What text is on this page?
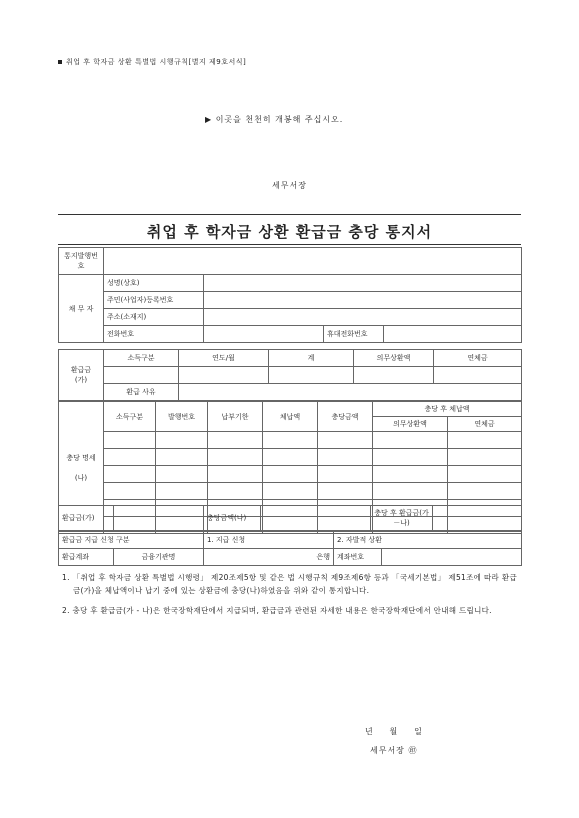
취업 후 학자금 상환 특별법 시행규칙[별지 제9호서식]
▶ 이곳을 천천히 개봉해 주십시오.
세무서장
취업 후 학자금 상환 환급금 충당 통지서
통지발행번호				
채 무 자	성명(상호)			
	주민(사업자)등록번호			
	주소(소재지)			
	전화번호		휴대전화번호	
환급금
(가)	소득구분	연도/월	계	의무상환액	연체금

	환급 사유				
충당 명세

(나)	소득구분	발행번호	납부기한	체납액	충당금액	충당 후 체납액	
						의무상환액	연체금

환급금(가)		충당금액(나)		충당 후 환급금(가－나)	
환급금 지급 신청 구분		1. 지급 신청	2. 자발적 상환	
환급계좌	금융기관명	은행	계좌번호	

1. 「취업 후 학자금 상환 특별법 시행령」 제20조제5항 및 같은 법 시행규칙 제9조제6항 등과 「국세기본법」 제51조에 따라 환급금(가)을 체납액이나 납기 중에 있는 상환금에 충당(나)하였음을 위와 같이 통지합니다.

2. 충당 후 환급금(가 - 나)은 한국장학재단에서 지급되며, 환급금과 관련된 자세한 내용은 한국장학재단에서 안내해 드립니다.

년 월 일
세무서장 ㊞
